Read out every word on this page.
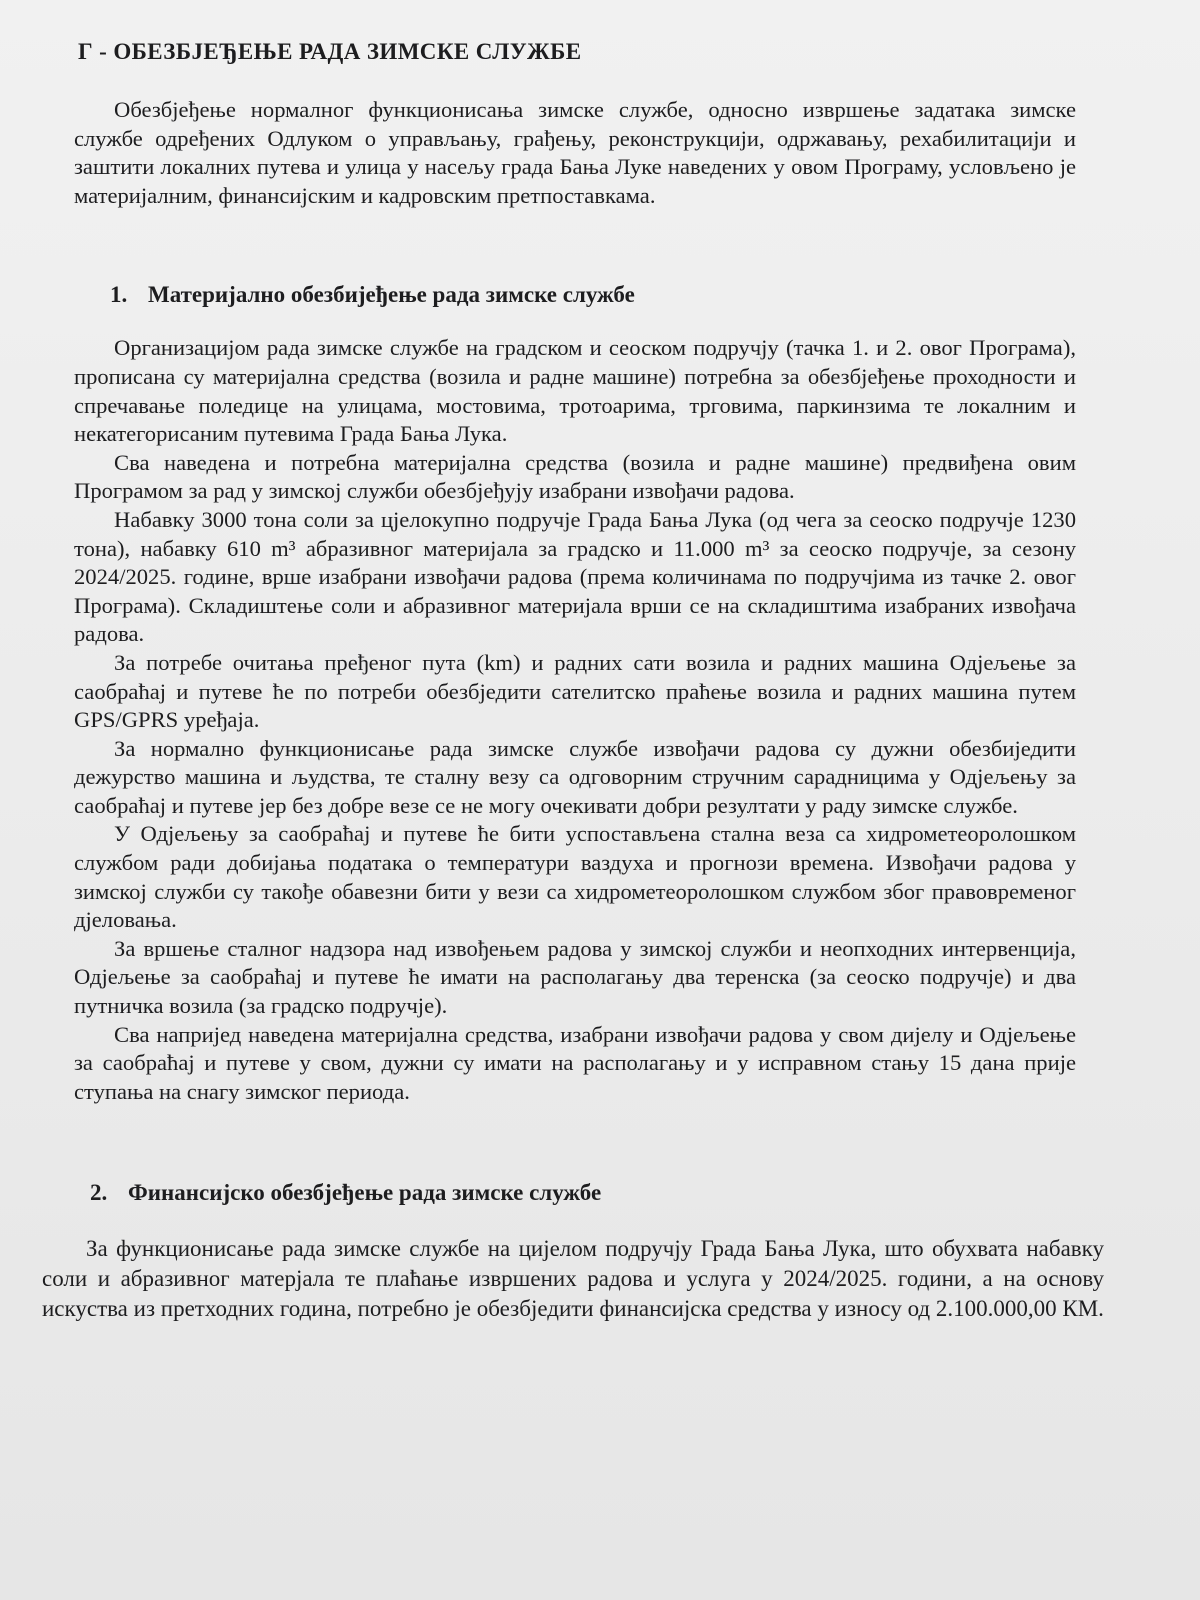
Г - ОБЕЗБЈЕЂЕЊЕ РАДА ЗИМСКЕ СЛУЖБЕ

Обезбјеђење нормалног функционисања зимске службе, односно извршење задатака зимске службе одређених Одлуком о управљању, грађењу, реконструкцији, одржавању, рехабилитацији и заштити локалних путева и улица у насељу града Бања Луке наведених у овом Програму, условљено је материјалним, финансијским и кадровским претпоставкама.

1. Материјално обезбијеђење рада зимске службе

Организацијом рада зимске службе на градском и сеоском подручју (тачка 1. и 2. овог Програма), прописана су материјална средства (возила и радне машине) потребна за обезбјеђење проходности и спречавање поледице на улицама, мостовима, тротоарима, трговима, паркинзима те локалним и некатегорисаним путевима Града Бања Лука.

Сва наведена и потребна материјална средства (возила и радне машине) предвиђена овим Програмом за рад у зимској служби обезбјеђују изабрани извођачи радова.

Набавку 3000 тона соли за цјелокупно подручје Града Бања Лука (од чега за сеоско подручје 1230 тона), набавку 610 m³ абразивног материјала за градско и 11.000 m³ за сеоско подручје, за сезону 2024/2025. године, врше изабрани извођачи радова (према количинама по подручјима из тачке 2. овог Програма). Складиштење соли и абразивног материјала врши се на складиштима изабраних извођача радова.

За потребе очитања пређеног пута (km) и радних сати возила и радних машина Одјељење за саобраћај и путеве ће по потреби обезбједити сателитско праћење возила и радних машина путем GPS/GPRS уређаја.

За нормално функционисање рада зимске службе извођачи радова су дужни обезбиједити дежурство машина и људства, те сталну везу са одговорним стручним сарадницима у Одјељењу за саобраћај и путеве јер без добре везе се не могу очекивати добри резултати у раду зимске службе.

У Одјељењу за саобраћај и путеве ће бити успостављена стална веза са хидрометеоролошком службом ради добијања података о температури ваздуха и прогнози времена. Извођачи радова у зимској служби су такође обавезни бити у вези са хидрометеоролошком службом због правовременог дјеловања.

За вршење сталног надзора над извођењем радова у зимској служби и неопходних интервенција, Одјељење за саобраћај и путеве ће имати на располагању два теренска (за сеоско подручје) и два путничка возила (за градско подручје).

Сва напријед наведена материјална средства, изабрани извођачи радова у свом дијелу и Одјељење за саобраћај и путеве у свом, дужни су имати на располагању и у исправном стању 15 дана прије ступања на снагу зимског периода.

2. Финансијско обезбјеђење рада зимске службе

За функционисање рада зимске службе на цијелом подручју Града Бања Лука, што обухвата набавку соли и абразивног матерјала те плаћање извршених радова и услуга у 2024/2025. години, а на основу искуства из претходних година, потребно је обезбједити финансијска средства у износу од 2.100.000,00 КМ.
